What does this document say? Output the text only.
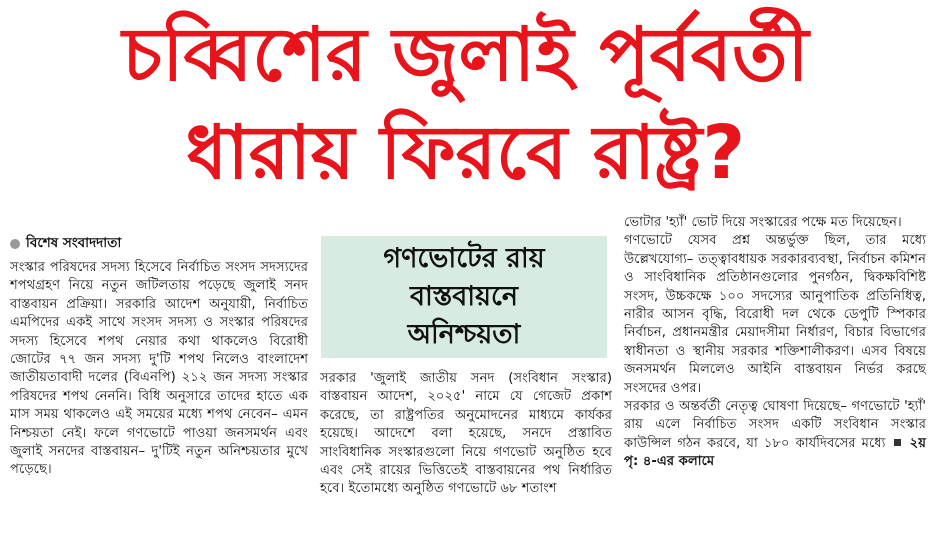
চব্বিশের জুলাই পূর্ববর্তী
ধারায় ফিরবে রাষ্ট্র?
বিশেষ সংবাদদাতা

সংস্কার পরিষদের সদস্য হিসেবে নির্বাচিত সংসদ সদস্যদের শপথগ্রহণ নিয়ে নতুন জটিলতায় পড়েছে জুলাই সনদ বাস্তবায়ন প্রক্রিয়া। সরকারি আদেশ অনুযায়ী, নির্বাচিত এমপিদের একই সাথে সংসদ সদস্য ও সংস্কার পরিষদের সদস্য হিসেবে শপথ নেয়ার কথা থাকলেও বিরোধী জোটের ৭৭ জন সদস্য দু'টি শপথ নিলেও বাংলাদেশ জাতীয়তাবাদী দলের (বিএনপি) ২১২ জন সদস্য সংস্কার পরিষদের শপথ নেননি। বিধি অনুসারে তাদের হাতে এক মাস সময় থাকলেও এই সময়ের মধ্যে শপথ নেবেন– এমন নিশ্চয়তা নেই। ফলে গণভোটে পাওয়া জনসমর্থন এবং জুলাই সনদের বাস্তবায়ন– দু'টিই নতুন অনিশ্চয়তার মুখে পড়েছে।

গণভোটের রায়
বাস্তবায়নে
অনিশ্চয়তা

সরকার 'জুলাই জাতীয় সনদ (সংবিধান সংস্কার) বাস্তবায়ন আদেশ, ২০২৫' নামে যে গেজেট প্রকাশ করেছে, তা রাষ্ট্রপতির অনুমোদনের মাধ্যমে কার্যকর হয়েছে। আদেশে বলা হয়েছে, সনদে প্রস্তাবিত সাংবিধানিক সংস্কারগুলো নিয়ে গণভোট অনুষ্ঠিত হবে এবং সেই রায়ের ভিত্তিতেই বাস্তবায়নের পথ নির্ধারিত হবে। ইতোমধ্যে অনুষ্ঠিত গণভোটে ৬৮ শতাংশ

ভোটার 'হ্যাঁ' ভোট দিয়ে সংস্কারের পক্ষে মত দিয়েছেন।

গণভোটে যেসব প্রশ্ন অন্তর্ভুক্ত ছিল, তার মধ্যে উল্লেখযোগ্য– তত্ত্বাবধায়ক সরকারব্যবস্থা, নির্বাচন কমিশন ও সাংবিধানিক প্রতিষ্ঠানগুলোর পুনর্গঠন, দ্বিকক্ষবিশিষ্ট সংসদ, উচ্চকক্ষে ১০০ সদস্যের আনুপাতিক প্রতিনিধিত্ব, নারীর আসন বৃদ্ধি, বিরোধী দল থেকে ডেপুটি স্পিকার নির্বাচন, প্রধানমন্ত্রীর মেয়াদসীমা নির্ধারণ, বিচার বিভাগের স্বাধীনতা ও স্থানীয় সরকার শক্তিশালীকরণ। এসব বিষয়ে জনসমর্থন মিললেও আইনি বাস্তবায়ন নির্ভর করছে সংসদের ওপর।

সরকার ও অন্তর্বর্তী নেতৃত্ব ঘোষণা দিয়েছে– গণভোটে 'হ্যাঁ' রায় এলে নির্বাচিত সংসদ একটি সংবিধান সংস্কার কাউন্সিল গঠন করবে, যা ১৮০ কার্যদিবসের মধ্যে ২য় পৃ: ৪-এর কলামে
